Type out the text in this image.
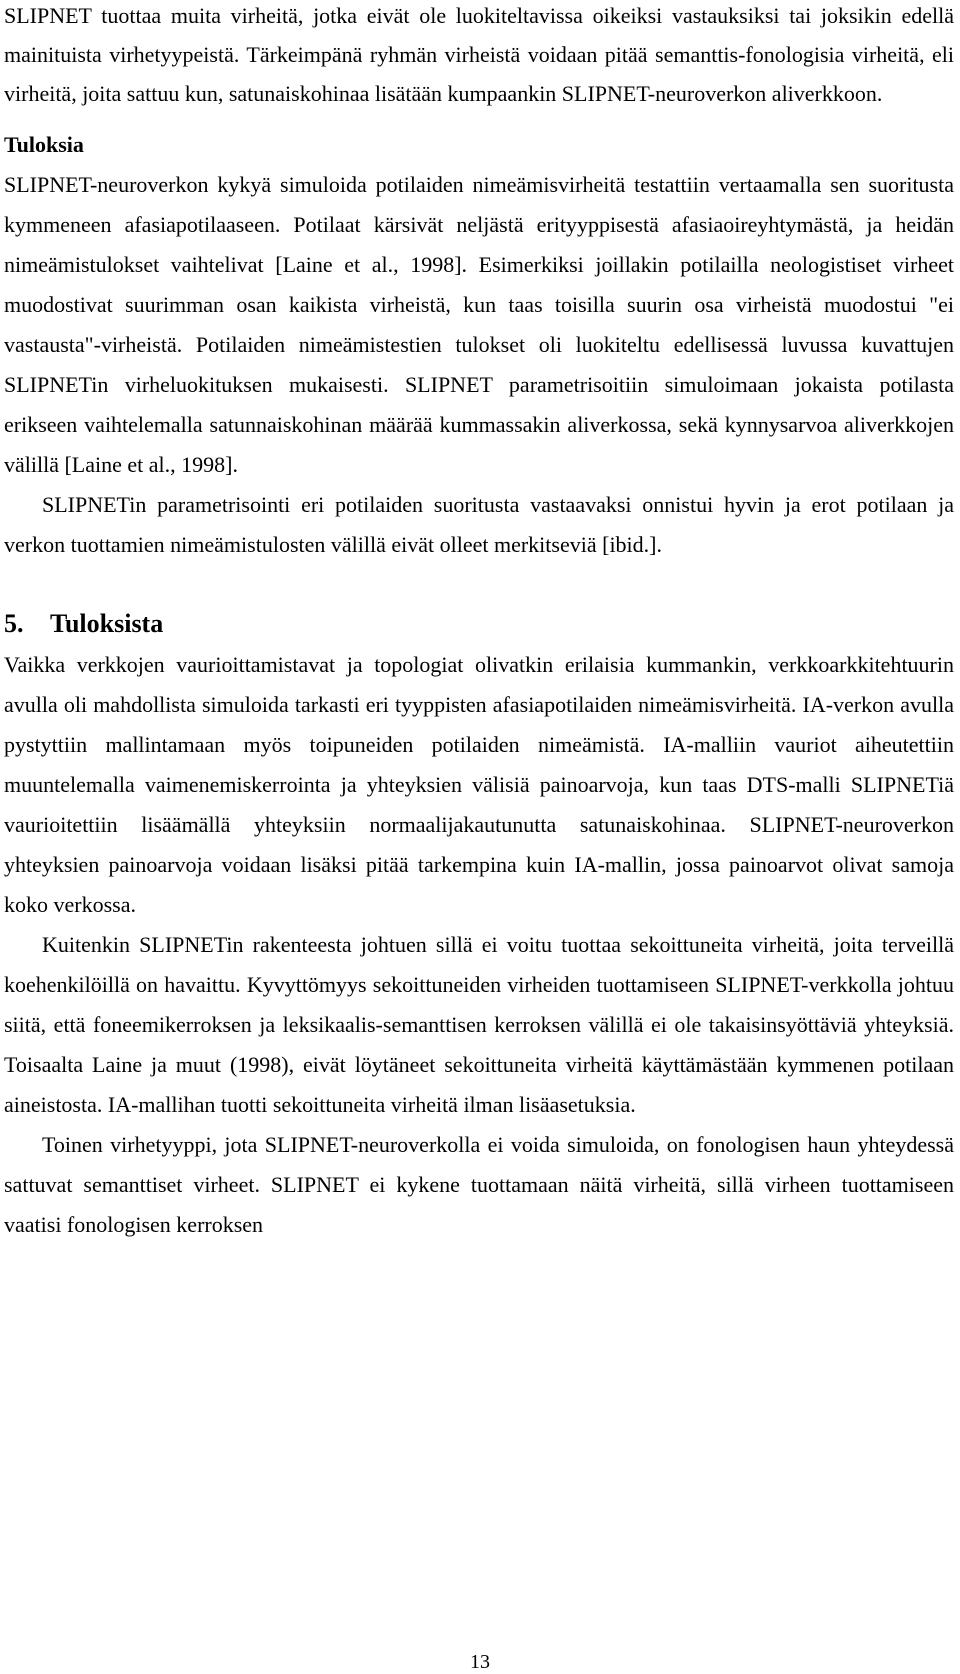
SLIPNET tuottaa muita virheitä, jotka eivät ole luokiteltavissa oikeiksi vastauksiksi tai joksikin edellä mainituista virhetyypeistä. Tärkeimpänä ryhmän virheistä voidaan pitää semanttis-fonologisia virheitä, eli virheitä, joita sattuu kun, satunaiskohinaa lisätään kumpaankin SLIPNET-neuroverkon aliverkkoon.

Tuloksia

SLIPNET-neuroverkon kykyä simuloida potilaiden nimeämisvirheitä testattiin vertaamalla sen suoritusta kymmeneen afasiapotilaaseen. Potilaat kärsivät neljästä erityyppisestä afasiaoireyhtymästä, ja heidän nimeämistulokset vaihtelivat [Laine et al., 1998]. Esimerkiksi joillakin potilailla neologistiset virheet muodostivat suurimman osan kaikista virheistä, kun taas toisilla suurin osa virheistä muodostui "ei vastausta"-virheistä. Potilaiden nimeämistestien tulokset oli luokiteltu edellisessä luvussa kuvattujen SLIPNETin virheluokituksen mukaisesti. SLIPNET parametrisoitiin simuloimaan jokaista potilasta erikseen vaihtelemalla satunnaiskohinan määrää kummassakin aliverkossa, sekä kynnysarvoa aliverkkojen välillä [Laine et al., 1998].

SLIPNETin parametrisointi eri potilaiden suoritusta vastaavaksi onnistui hyvin ja erot potilaan ja verkon tuottamien nimeämistulosten välillä eivät olleet merkitseviä [ibid.].

5. Tuloksista

Vaikka verkkojen vaurioittamistavat ja topologiat olivatkin erilaisia kummankin, verkkoarkkitehtuurin avulla oli mahdollista simuloida tarkasti eri tyyppisten afasiapotilaiden nimeämisvirheitä. IA-verkon avulla pystyttiin mallintamaan myös toipuneiden potilaiden nimeämistä. IA-malliin vauriot aiheutettiin muuntelemalla vaimenemiskerrointa ja yhteyksien välisiä painoarvoja, kun taas DTS-malli SLIPNETiä vaurioitettiin lisäämällä yhteyksiin normaalijakautunutta satunaiskohinaa. SLIPNET-neuroverkon yhteyksien painoarvoja voidaan lisäksi pitää tarkempina kuin IA-mallin, jossa painoarvot olivat samoja koko verkossa.

Kuitenkin SLIPNETin rakenteesta johtuen sillä ei voitu tuottaa sekoittuneita virheitä, joita terveillä koehenkilöillä on havaittu. Kyvyttömyys sekoittuneiden virheiden tuottamiseen SLIPNET-verkkolla johtuu siitä, että foneemikerroksen ja leksikaalis-semanttisen kerroksen välillä ei ole takaisinsyöttäviä yhteyksiä. Toisaalta Laine ja muut (1998), eivät löytäneet sekoittuneita virheitä käyttämästään kymmenen potilaan aineistosta. IA-mallihan tuotti sekoittuneita virheitä ilman lisäasetuksia.

Toinen virhetyyppi, jota SLIPNET-neuroverkolla ei voida simuloida, on fonologisen haun yhteydessä sattuvat semanttiset virheet. SLIPNET ei kykene tuottamaan näitä virheitä, sillä virheen tuottamiseen vaatisi fonologisen kerroksen

13
